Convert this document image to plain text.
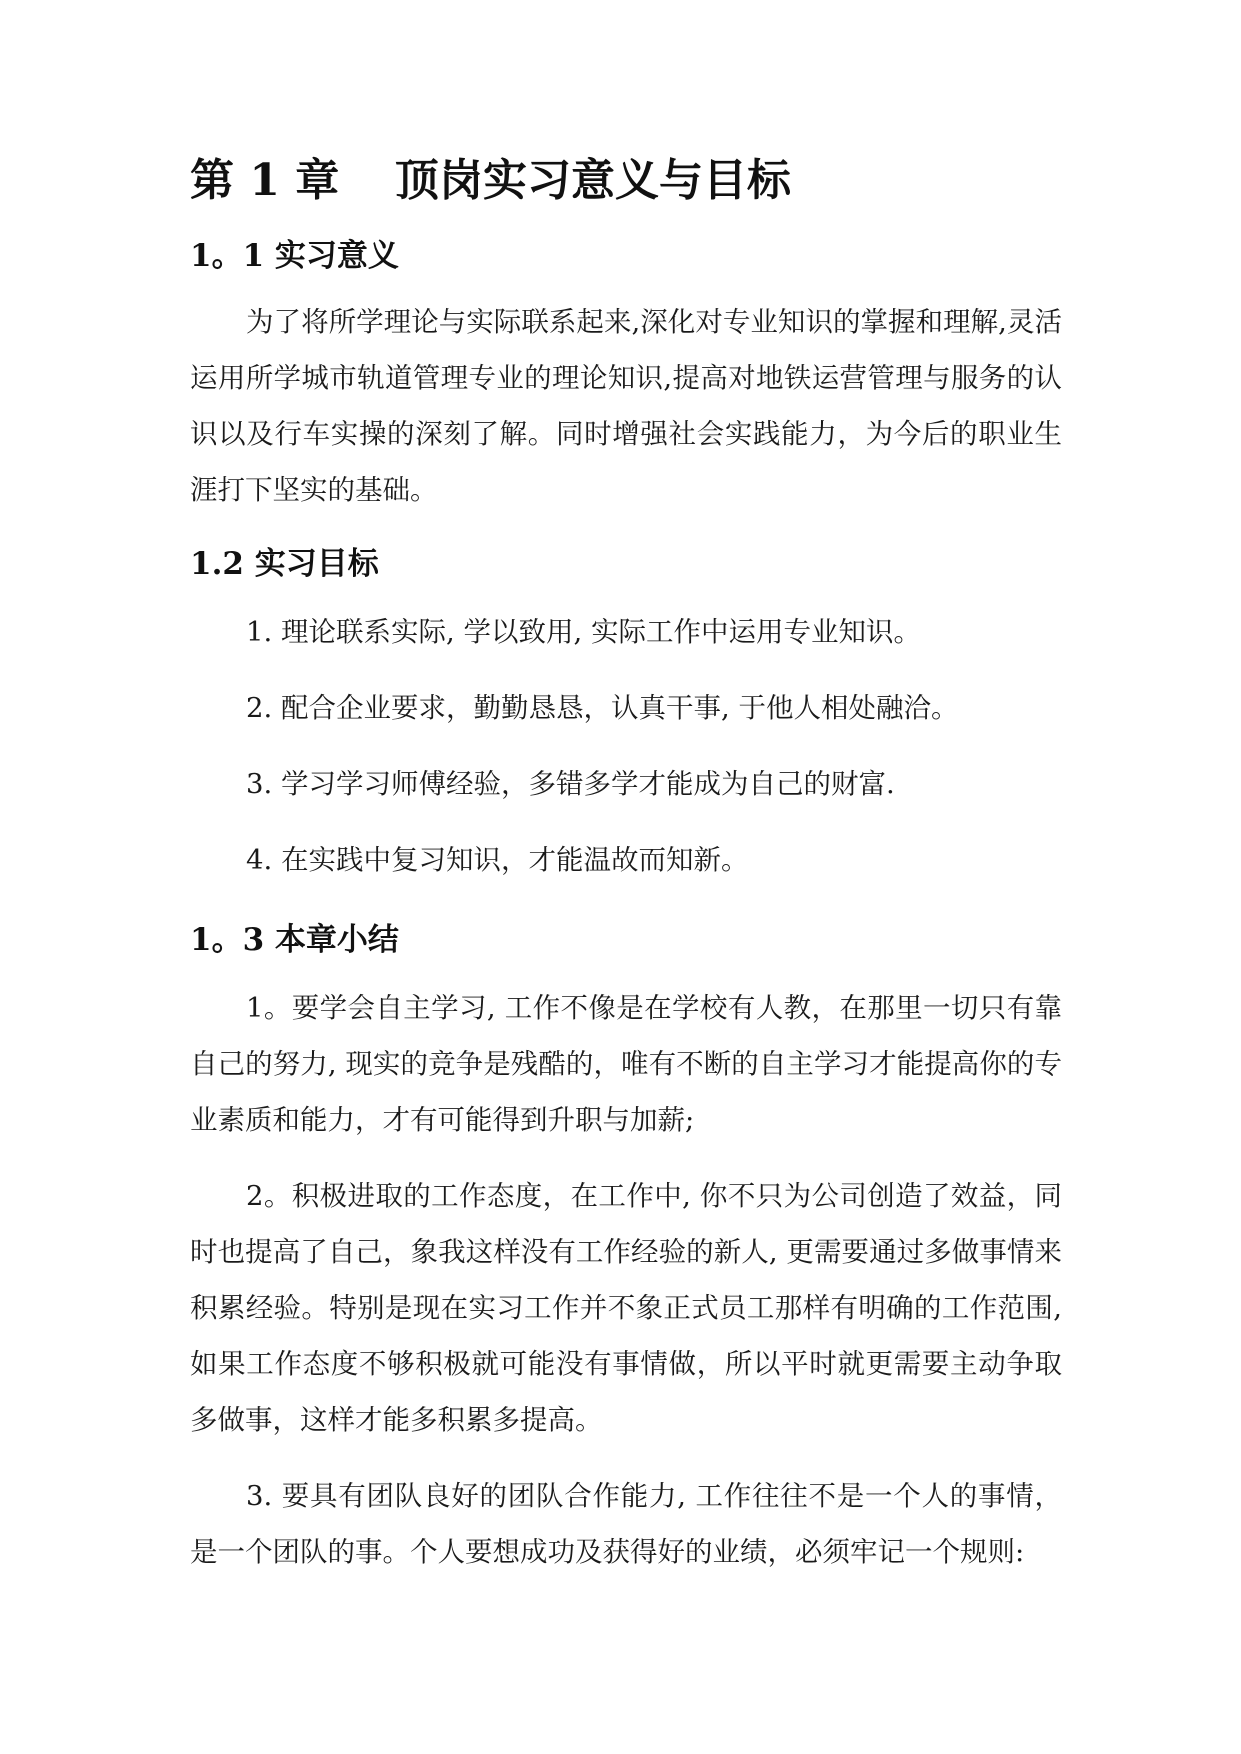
第 1 章 顶岗实习意义与目标
1。1 实习意义

为了将所学理论与实际联系起来,深化对专业知识的掌握和理解,灵活运用所学城市轨道管理专业的理论知识,提高对地铁运营管理与服务的认识以及行车实操的深刻了解。同时增强社会实践能力，为今后的职业生涯打下坚实的基础。

1.2 实习目标

1. 理论联系实际, 学以致用, 实际工作中运用专业知识。

2. 配合企业要求，勤勤恳恳，认真干事, 于他人相处融洽。

3. 学习学习师傅经验，多错多学才能成为自己的财富.

4. 在实践中复习知识，才能温故而知新。

1。3 本章小结

1。要学会自主学习, 工作不像是在学校有人教，在那里一切只有靠自己的努力, 现实的竞争是残酷的，唯有不断的自主学习才能提高你的专业素质和能力，才有可能得到升职与加薪;

2。积极进取的工作态度，在工作中, 你不只为公司创造了效益，同时也提高了自己，象我这样没有工作经验的新人, 更需要通过多做事情来积累经验。特别是现在实习工作并不象正式员工那样有明确的工作范围, 如果工作态度不够积极就可能没有事情做，所以平时就更需要主动争取多做事，这样才能多积累多提高。

3. 要具有团队良好的团队合作能力, 工作往往不是一个人的事情，是一个团队的事。个人要想成功及获得好的业绩，必须牢记一个规则:
